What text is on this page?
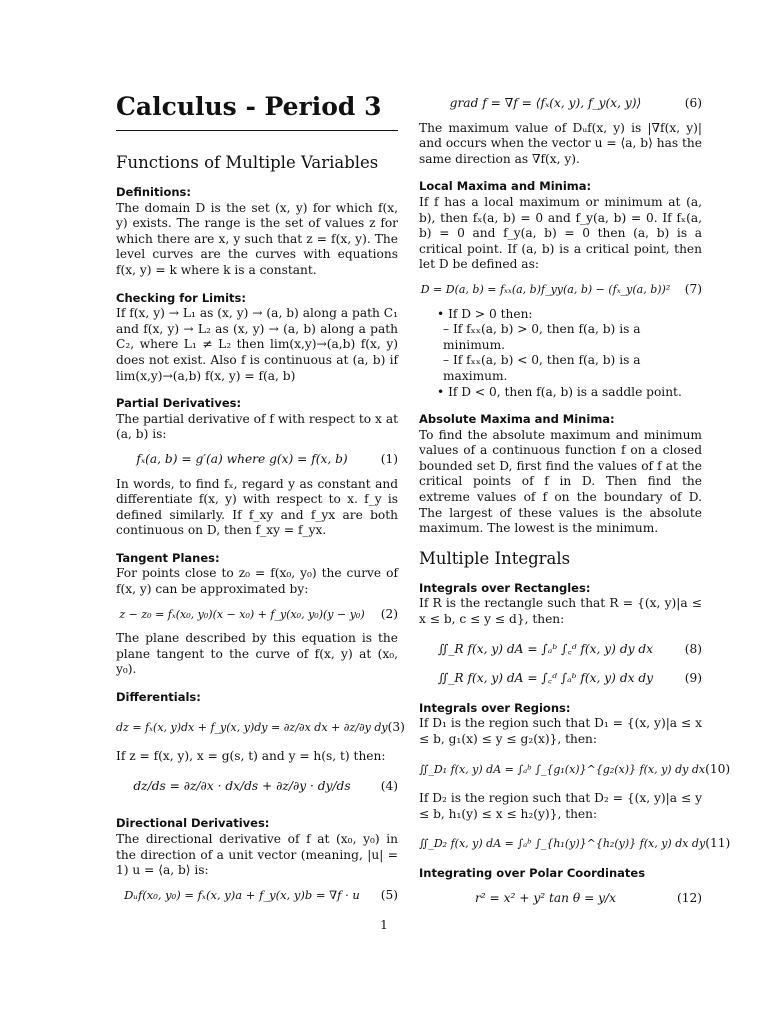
Calculus - Period 3
Functions of Multiple Variables
Definitions:

The domain D is the set (x, y) for which f(x, y) exists. The range is the set of values z for which there are x, y such that z = f(x, y). The level curves are the curves with equations f(x, y) = k where k is a constant.

Checking for Limits:

If f(x, y) → L₁ as (x, y) → (a, b) along a path C₁ and f(x, y) → L₂ as (x, y) → (a, b) along a path C₂, where L₁ ≠ L₂ then lim(x,y)→(a,b) f(x, y) does not exist. Also f is continuous at (a, b) if lim(x,y)→(a,b) f(x, y) = f(a, b)

Partial Derivatives:

The partial derivative of f with respect to x at (a, b) is:

fₓ(a, b) = g′(a) where g(x) = f(x, b)	(1)

In words, to find fₓ, regard y as constant and differentiate f(x, y) with respect to x. f_y is defined similarly. If f_xy and f_yx are both continuous on D, then f_xy = f_yx.

Tangent Planes:

For points close to z₀ = f(x₀, y₀) the curve of f(x, y) can be approximated by:

z − z₀ = fₓ(x₀, y₀)(x − x₀) + f_y(x₀, y₀)(y − y₀)	(2)

The plane described by this equation is the plane tangent to the curve of f(x, y) at (x₀, y₀).

Differentials:
dz = fₓ(x, y)dx + f_y(x, y)dy = ∂z/∂x dx + ∂z/∂y dy (3)

If z = f(x, y), x = g(s, t) and y = h(s, t) then:

dz/ds = ∂z/∂x · dx/ds + ∂z/∂y · dy/ds	(4)
Directional Derivatives:

The directional derivative of f at (x₀, y₀) in the direction of a unit vector (meaning, |u| = 1) u = ⟨a, b⟩ is:

Dᵤf(x₀, y₀) = fₓ(x, y)a + f_y(x, y)b = ∇f · u	(5)
grad f = ∇f = ⟨fₓ(x, y), f_y(x, y)⟩	(6)

The maximum value of Dᵤf(x, y) is |∇f(x, y)| and occurs when the vector u = ⟨a, b⟩ has the same direction as ∇f(x, y).

Local Maxima and Minima:

If f has a local maximum or minimum at (a, b), then fₓ(a, b) = 0 and f_y(a, b) = 0. If fₓ(a, b) = 0 and f_y(a, b) = 0 then (a, b) is a critical point. If (a, b) is a critical point, then let D be defined as:

D = D(a, b) = fₓₓ(a, b)f_yy(a, b) − (fₓ_y(a, b))²	(7)
• If D > 0 then:
– If fₓₓ(a, b) > 0, then f(a, b) is a minimum.
– If fₓₓ(a, b) < 0, then f(a, b) is a maximum.
• If D < 0, then f(a, b) is a saddle point.
Absolute Maxima and Minima:

To find the absolute maximum and minimum values of a continuous function f on a closed bounded set D, first find the values of f at the critical points of f in D. Then find the extreme values of f on the boundary of D. The largest of these values is the absolute maximum. The lowest is the minimum.

Multiple Integrals
Integrals over Rectangles:

If R is the rectangle such that R = {(x, y)|a ≤ x ≤ b, c ≤ y ≤ d}, then:

∬_R f(x, y) dA = ∫ₐᵇ ∫꜀ᵈ f(x, y) dy dx	(8)
∬_R f(x, y) dA = ∫꜀ᵈ ∫ₐᵇ f(x, y) dx dy	(9)
Integrals over Regions:

If D₁ is the region such that D₁ = {(x, y)|a ≤ x ≤ b, g₁(x) ≤ y ≤ g₂(x)}, then:

∬_D₁ f(x, y) dA = ∫ₐᵇ ∫_{g₁(x)}^{g₂(x)} f(x, y) dy dx (10)

If D₂ is the region such that D₂ = {(x, y)|a ≤ y ≤ b, h₁(y) ≤ x ≤ h₂(y)}, then:

∬_D₂ f(x, y) dA = ∫ₐᵇ ∫_{h₁(y)}^{h₂(y)} f(x, y) dx dy (11)
Integrating over Polar Coordinates
r² = x² + y² tan θ = y/x	(12)
1
